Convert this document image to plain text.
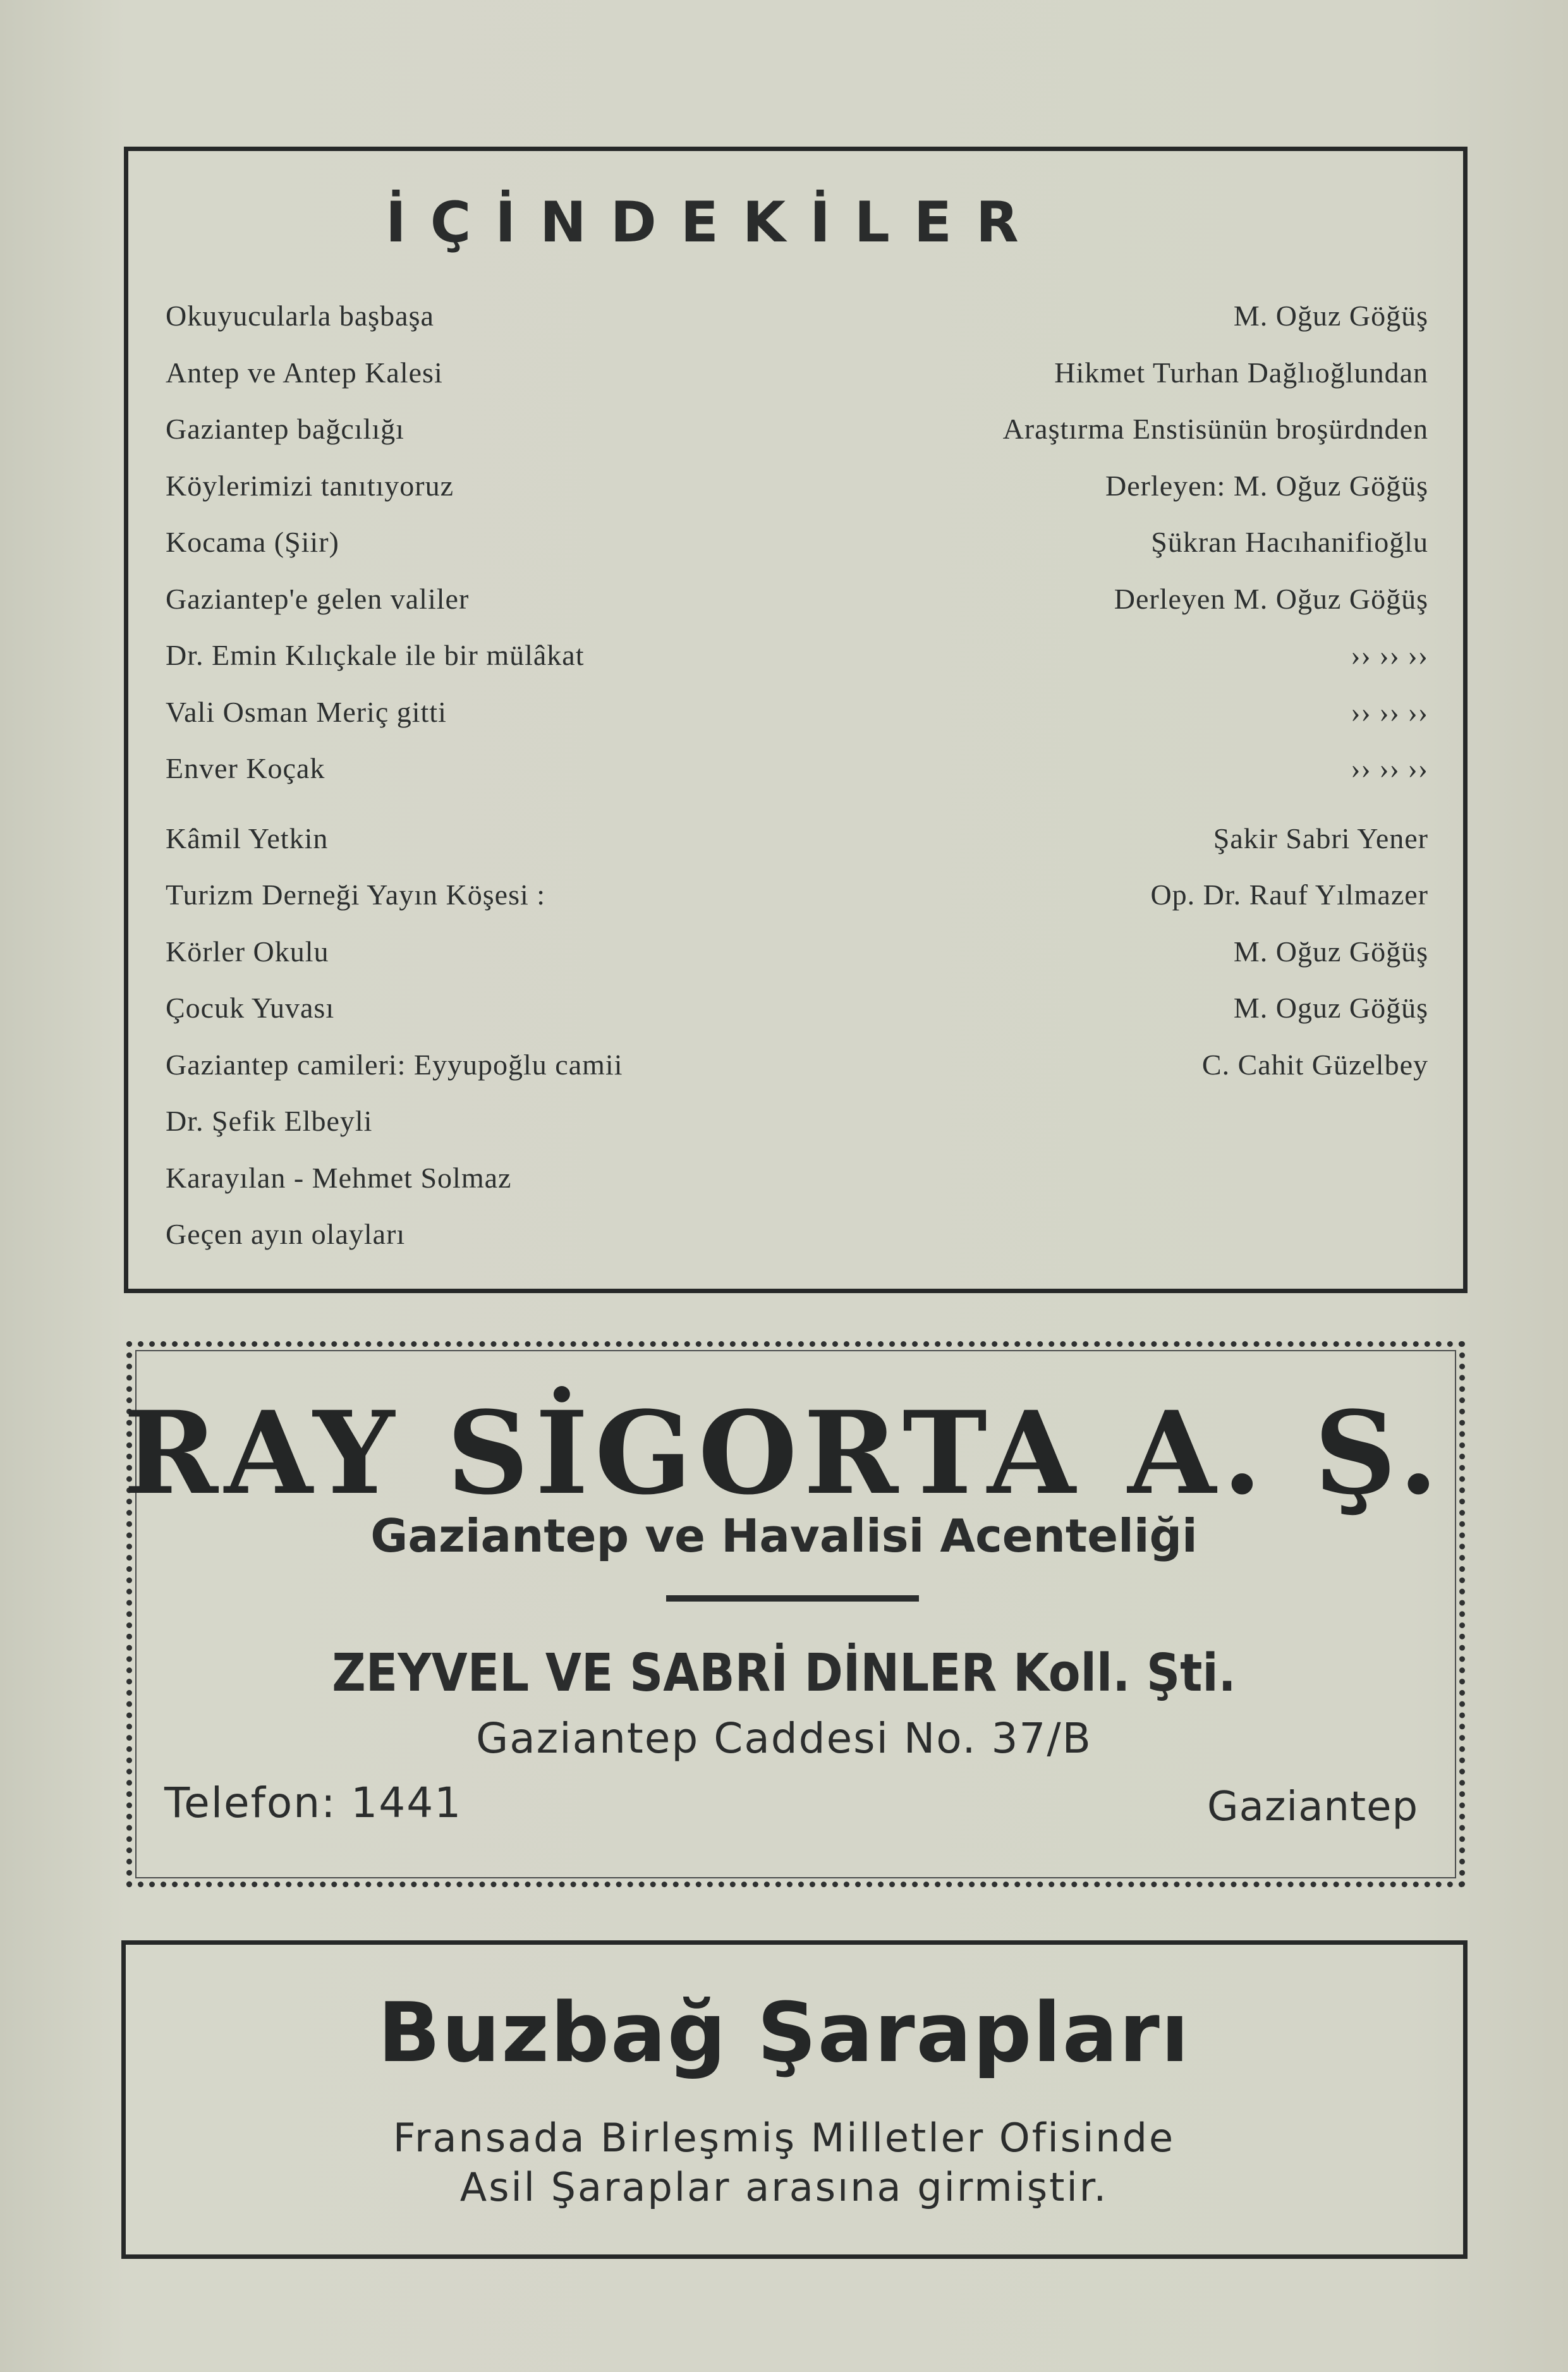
İÇİNDEKİLER
Okuyucularla başbaşa
Antep ve Antep Kalesi
Gaziantep bağcılığı
Köylerimizi tanıtıyoruz
Kocama (Şiir)
Gaziantep'e gelen valiler
Dr. Emin Kılıçkale ile bir mülâkat
Vali Osman Meriç gitti
Enver Koçak
Kâmil Yetkin
Turizm Derneği Yayın Köşesi :
Körler Okulu
Çocuk Yuvası
Gaziantep camileri: Eyyupoğlu camii
Dr. Şefik Elbeyli
Karayılan - Mehmet Solmaz
Geçen ayın olayları
M. Oğuz Göğüş
Hikmet Turhan Dağlıoğlundan
Araştırma Enstisünün broşürdnden
Derleyen: M. Oğuz Göğüş
Şükran Hacıhanifioğlu
Derleyen M. Oğuz Göğüş
›› ›› ››
›› ›› ››
›› ›› ››
Şakir Sabri Yener
Op. Dr. Rauf Yılmazer
M. Oğuz Göğüş
M. Oguz Göğüş
C. Cahit Güzelbey
RAY SİGORTA A. Ş.
Gaziantep ve Havalisi Acenteliği
ZEYVEL VE SABRİ DİNLER Koll. Şti.
Gaziantep Caddesi No. 37/B
Telefon: 1441	Gaziantep
Buzbağ Şarapları
Fransada Birleşmiş Milletler Ofisinde
Asil Şaraplar arasına girmiştir.
